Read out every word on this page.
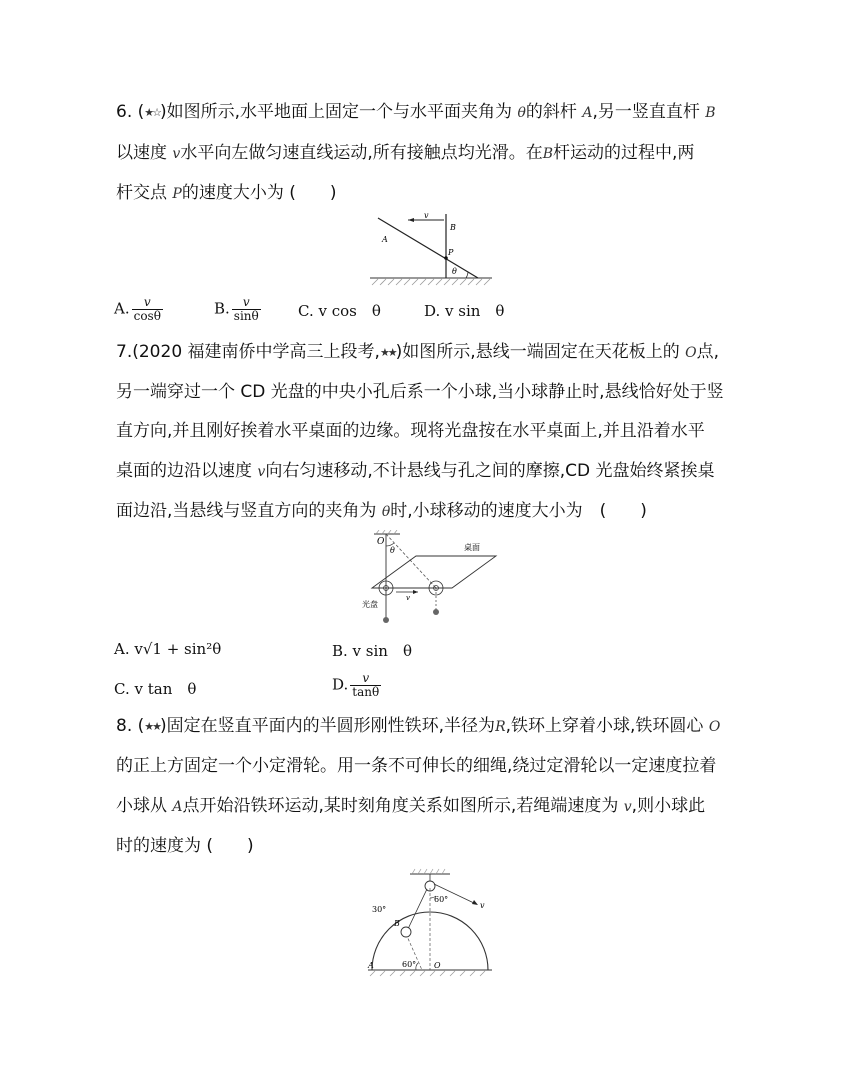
6. (★☆)如图所示,水平地面上固定一个与水平面夹角为 θ的斜杆 A,另一竖直直杆 B
以速度 v水平向左做匀速直线运动,所有接触点均光滑。在B杆运动的过程中,两
杆交点 P的速度大小为 (　　)
v
B
A
P
θ
A. $\frac{v}{\cos\theta}$	B. $\frac{v}{\sin\theta} C$. v cos　θ	D. v sin　θ
7.(2020 福建南侨中学高三上段考,★★)如图所示,悬线一端固定在天花板上的 O点,
另一端穿过一个 CD 光盘的中央小孔后系一个小球,当小球静止时,悬线恰好处于竖
直方向,并且刚好挨着水平桌面的边缘。现将光盘按在水平桌面上,并且沿着水平
桌面的边沿以速度 v向右匀速移动,不计悬线与孔之间的摩擦,CD 光盘始终紧挨桌
面边沿,当悬线与竖直方向的夹角为 θ时,小球移动的速度大小为　(　　)
O
θ	桌面
光盘
v
A. v√1 + sin²θ	B. v sin　θ
C. v tan　θ	D. $\frac{v}{\tan\theta}$
8. (★★)固定在竖直平面内的半圆形刚性铁环,半径为R,铁环上穿着小球,铁环圆心 O
的正上方固定一个小定滑轮。用一条不可伸长的细绳,绕过定滑轮以一定速度拉着
小球从 A点开始沿铁环运动,某时刻角度关系如图所示,若绳端速度为 v,则小球此
时的速度为 (　　)
60°
30°
B
60°
A	O
v
